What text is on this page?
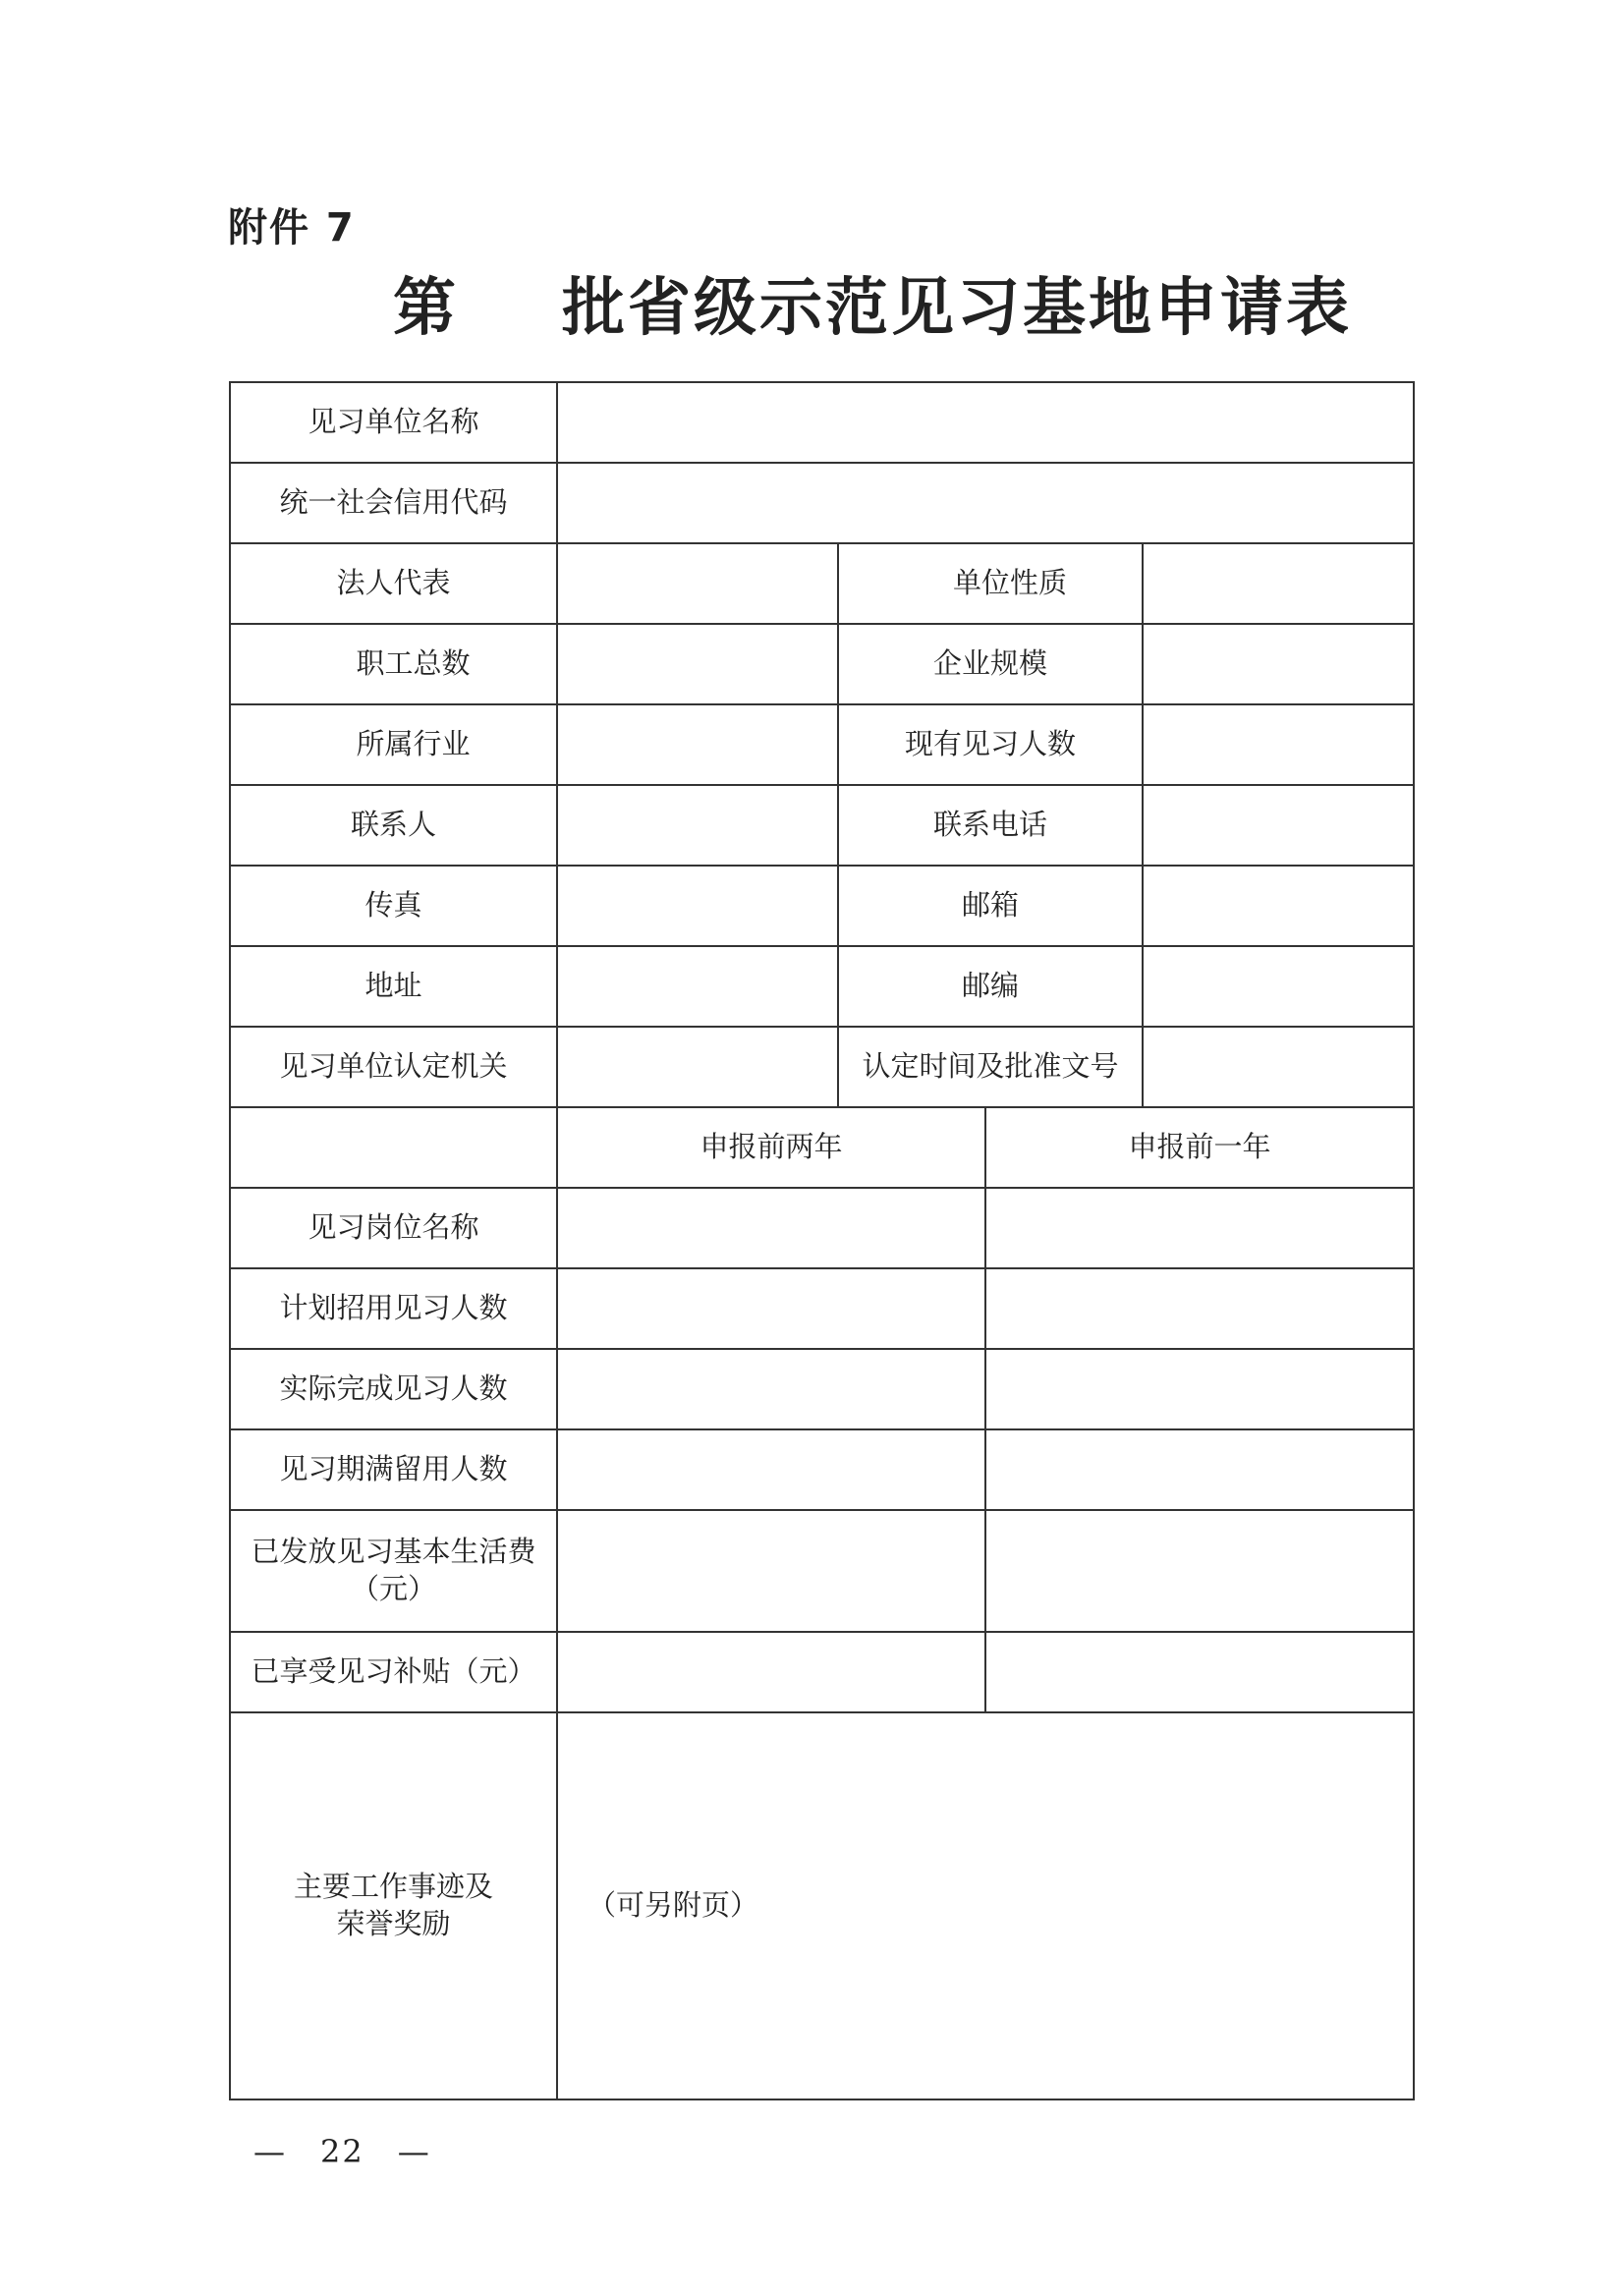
附件 7
第 批省级示范见习基地申请表
见习单位名称				
统一社会信用代码				
法人代表		单位性质		
职工总数		企业规模		
所属行业		现有见习人数		
联系人		联系电话		
传真		邮箱		
地址		邮编		
见习单位认定机关		认定时间及批准文号		
	申报前两年		申报前一年	
见习岗位名称				
计划招用见习人数				
实际完成见习人数				
见习期满留用人数				
已发放见习基本生活费
（元）				
已享受见习补贴（元）				
主要工作事迹及
荣誉奖励	（可另附页）			
—　22　—
